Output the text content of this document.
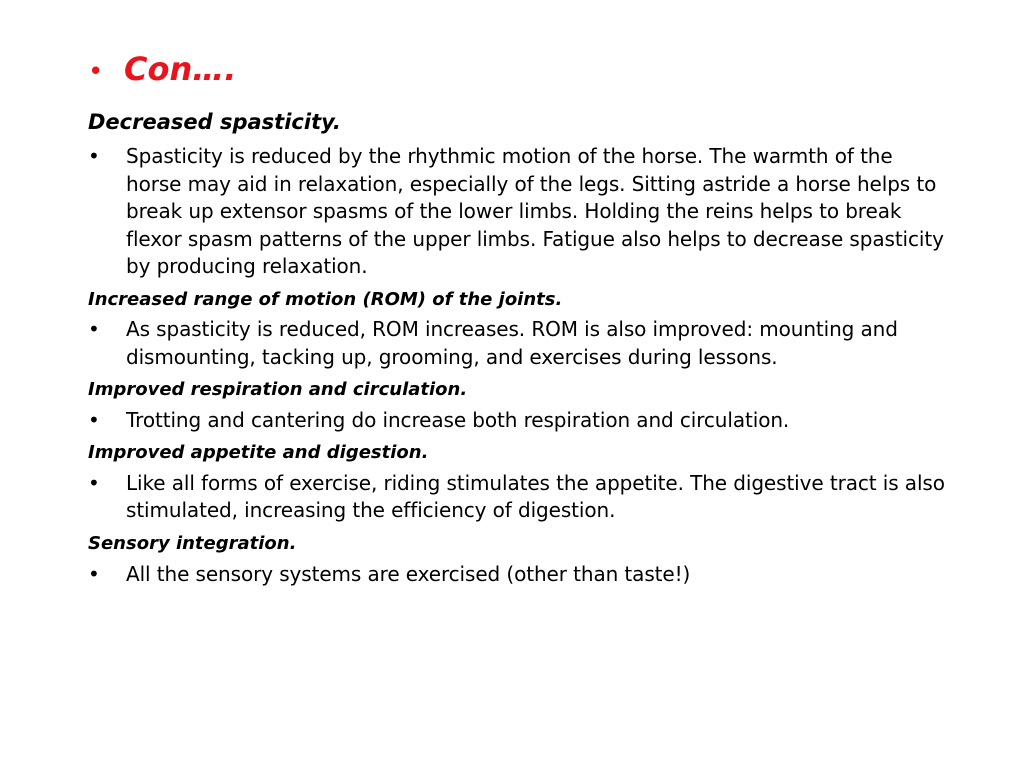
• Con….

Decreased spasticity.

•	Spasticity is reduced by the rhythmic motion of the horse. The warmth of the horse may aid in relaxation, especially of the legs. Sitting astride a horse helps to break up extensor spasms of the lower limbs. Holding the reins helps to break flexor spasm patterns of the upper limbs. Fatigue also helps to decrease spasticity by producing relaxation.

Increased range of motion (ROM) of the joints.

•	As spasticity is reduced, ROM increases. ROM is also improved: mounting and dismounting, tacking up, grooming, and exercises during lessons.

Improved respiration and circulation.

•	Trotting and cantering do increase both respiration and circulation.

Improved appetite and digestion.

•	Like all forms of exercise, riding stimulates the appetite. The digestive tract is also stimulated, increasing the efficiency of digestion.

Sensory integration.

•	All the sensory systems are exercised (other than taste!)
